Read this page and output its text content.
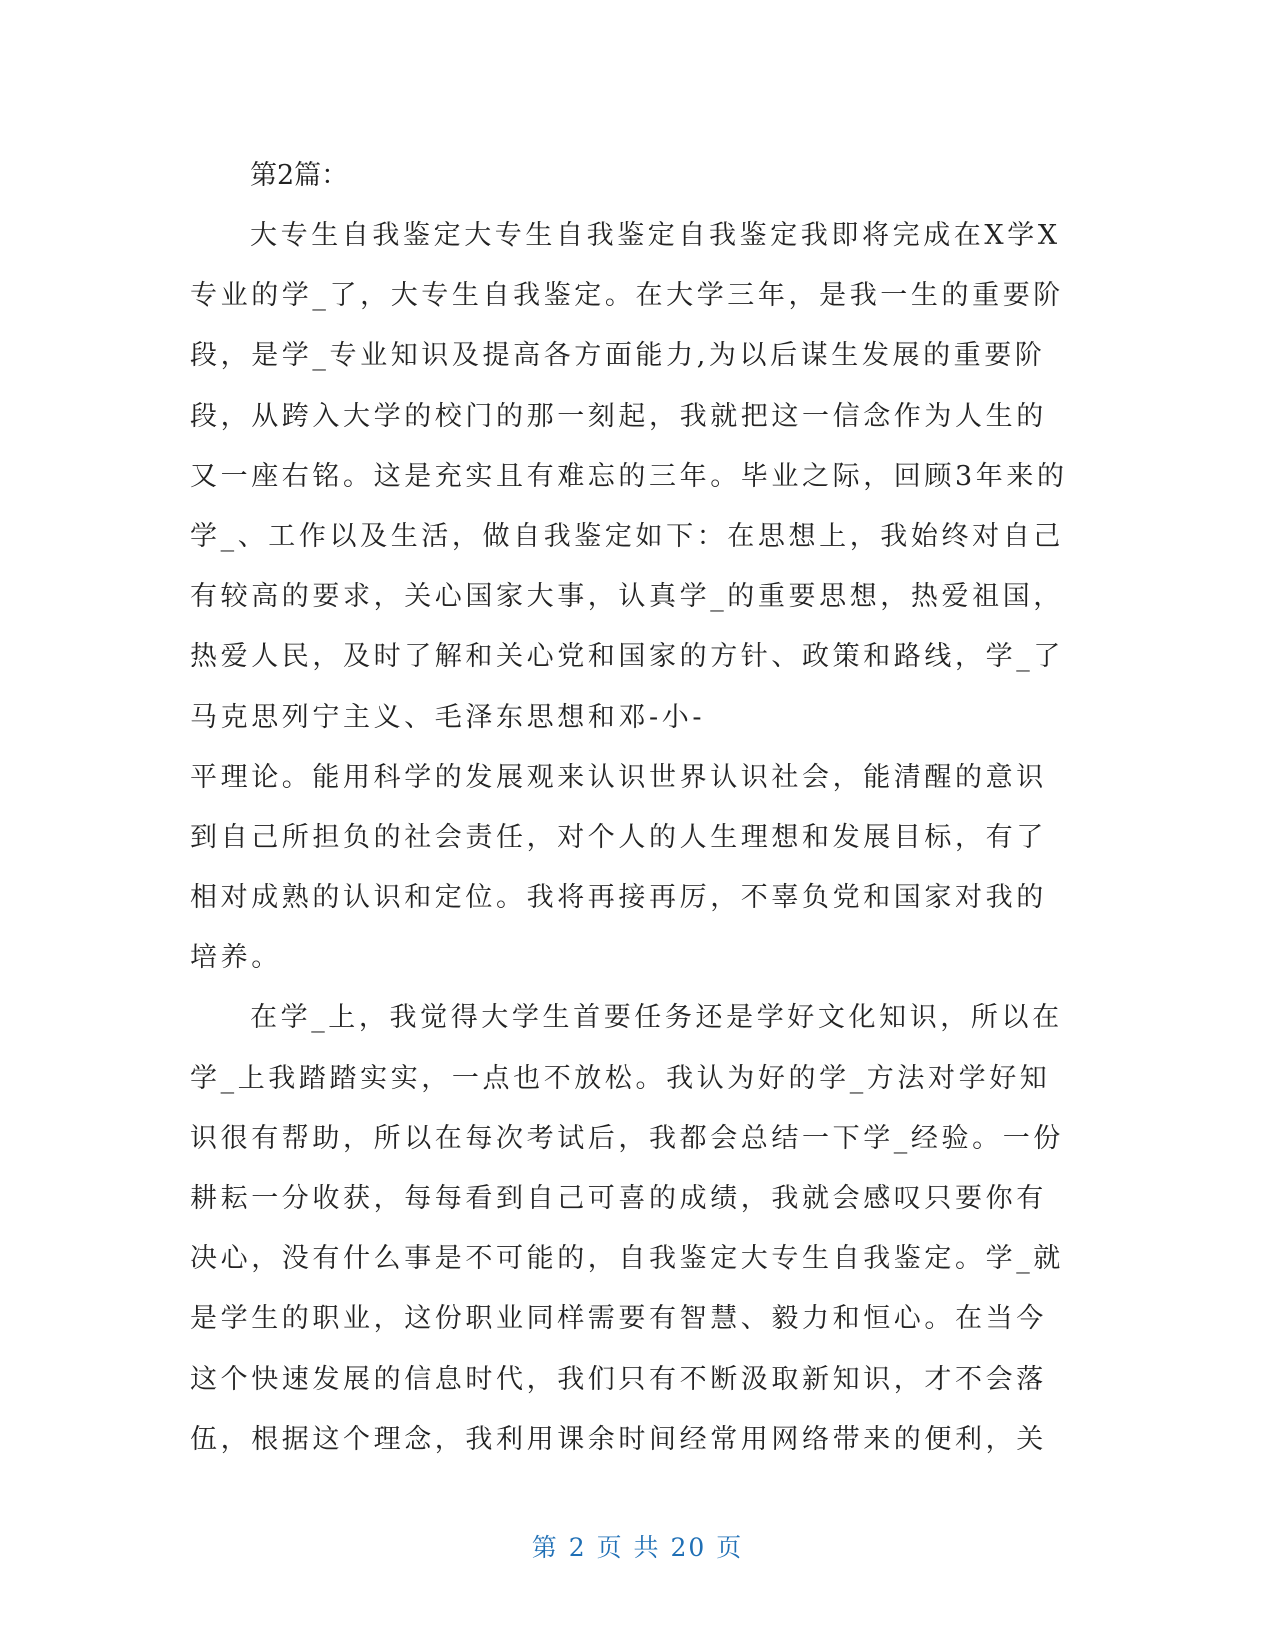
第2篇：
大专生自我鉴定大专生自我鉴定自我鉴定我即将完成在X学X
专业的学_了，大专生自我鉴定。在大学三年，是我一生的重要阶
段，是学_专业知识及提高各方面能力,为以后谋生发展的重要阶
段，从跨入大学的校门的那一刻起，我就把这一信念作为人生的
又一座右铭。这是充实且有难忘的三年。毕业之际，回顾3年来的
学_、工作以及生活，做自我鉴定如下：在思想上，我始终对自己
有较高的要求，关心国家大事，认真学_的重要思想，热爱祖国，
热爱人民，及时了解和关心党和国家的方针、政策和路线，学_了
马克思列宁主义、毛泽东思想和邓-小-
平理论。能用科学的发展观来认识世界认识社会，能清醒的意识
到自己所担负的社会责任，对个人的人生理想和发展目标，有了
相对成熟的认识和定位。我将再接再厉，不辜负党和国家对我的
培养。
在学_上，我觉得大学生首要任务还是学好文化知识，所以在
学_上我踏踏实实，一点也不放松。我认为好的学_方法对学好知
识很有帮助，所以在每次考试后，我都会总结一下学_经验。一份
耕耘一分收获，每每看到自己可喜的成绩，我就会感叹只要你有
决心，没有什么事是不可能的，自我鉴定大专生自我鉴定。学_就
是学生的职业，这份职业同样需要有智慧、毅力和恒心。在当今
这个快速发展的信息时代，我们只有不断汲取新知识，才不会落
伍，根据这个理念，我利用课余时间经常用网络带来的便利，关
第 2 页 共 20 页
